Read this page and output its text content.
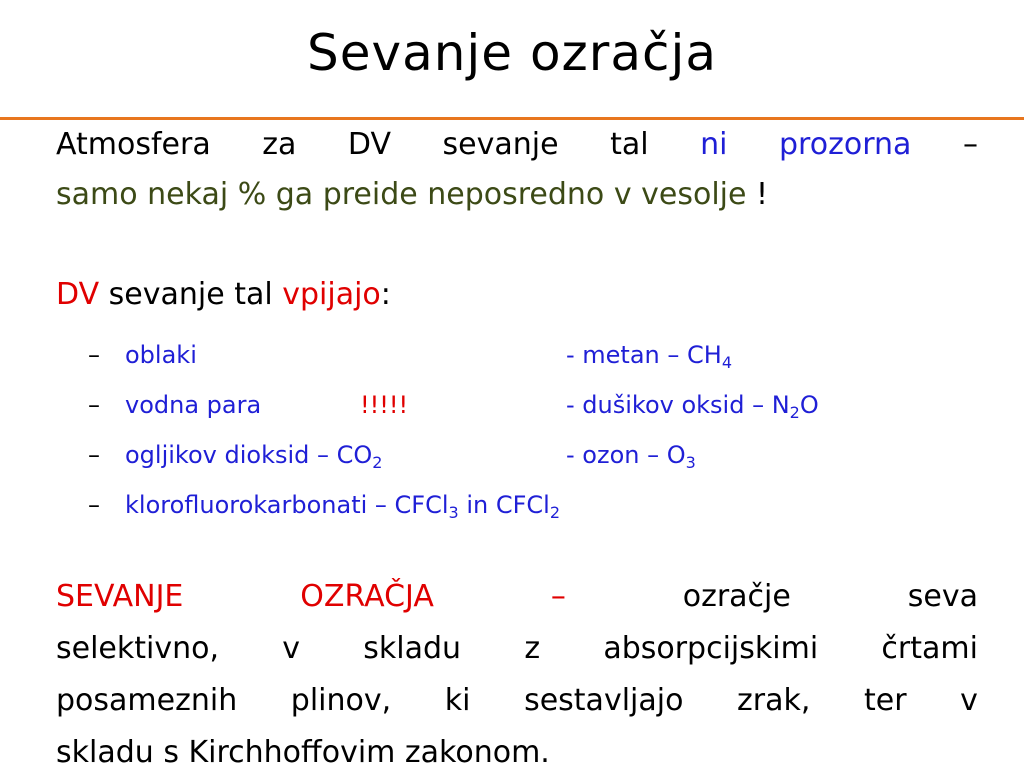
Sevanje ozračja
Atmosfera za DV sevanje tal ni prozorna –
samo nekaj % ga preide neposredno v vesolje !
DV sevanje tal vpijajo:
– oblaki	- metan – $CH_4$
– vodna para	!!!!!	- dušikov oksid – $N_2O$
– ogljikov dioksid – $CO_2$	- ozon – $O_3$
– klorofluorokarbonati – CFCl$_3$ in CFCl$_2$
SEVANJE	OZRAČJA	–	ozračje	seva
selektivno, v skladu z absorpcijskimi črtami
posameznih plinov, ki sestavljajo zrak, ter v
skladu s Kirchhoffovim zakonom.
